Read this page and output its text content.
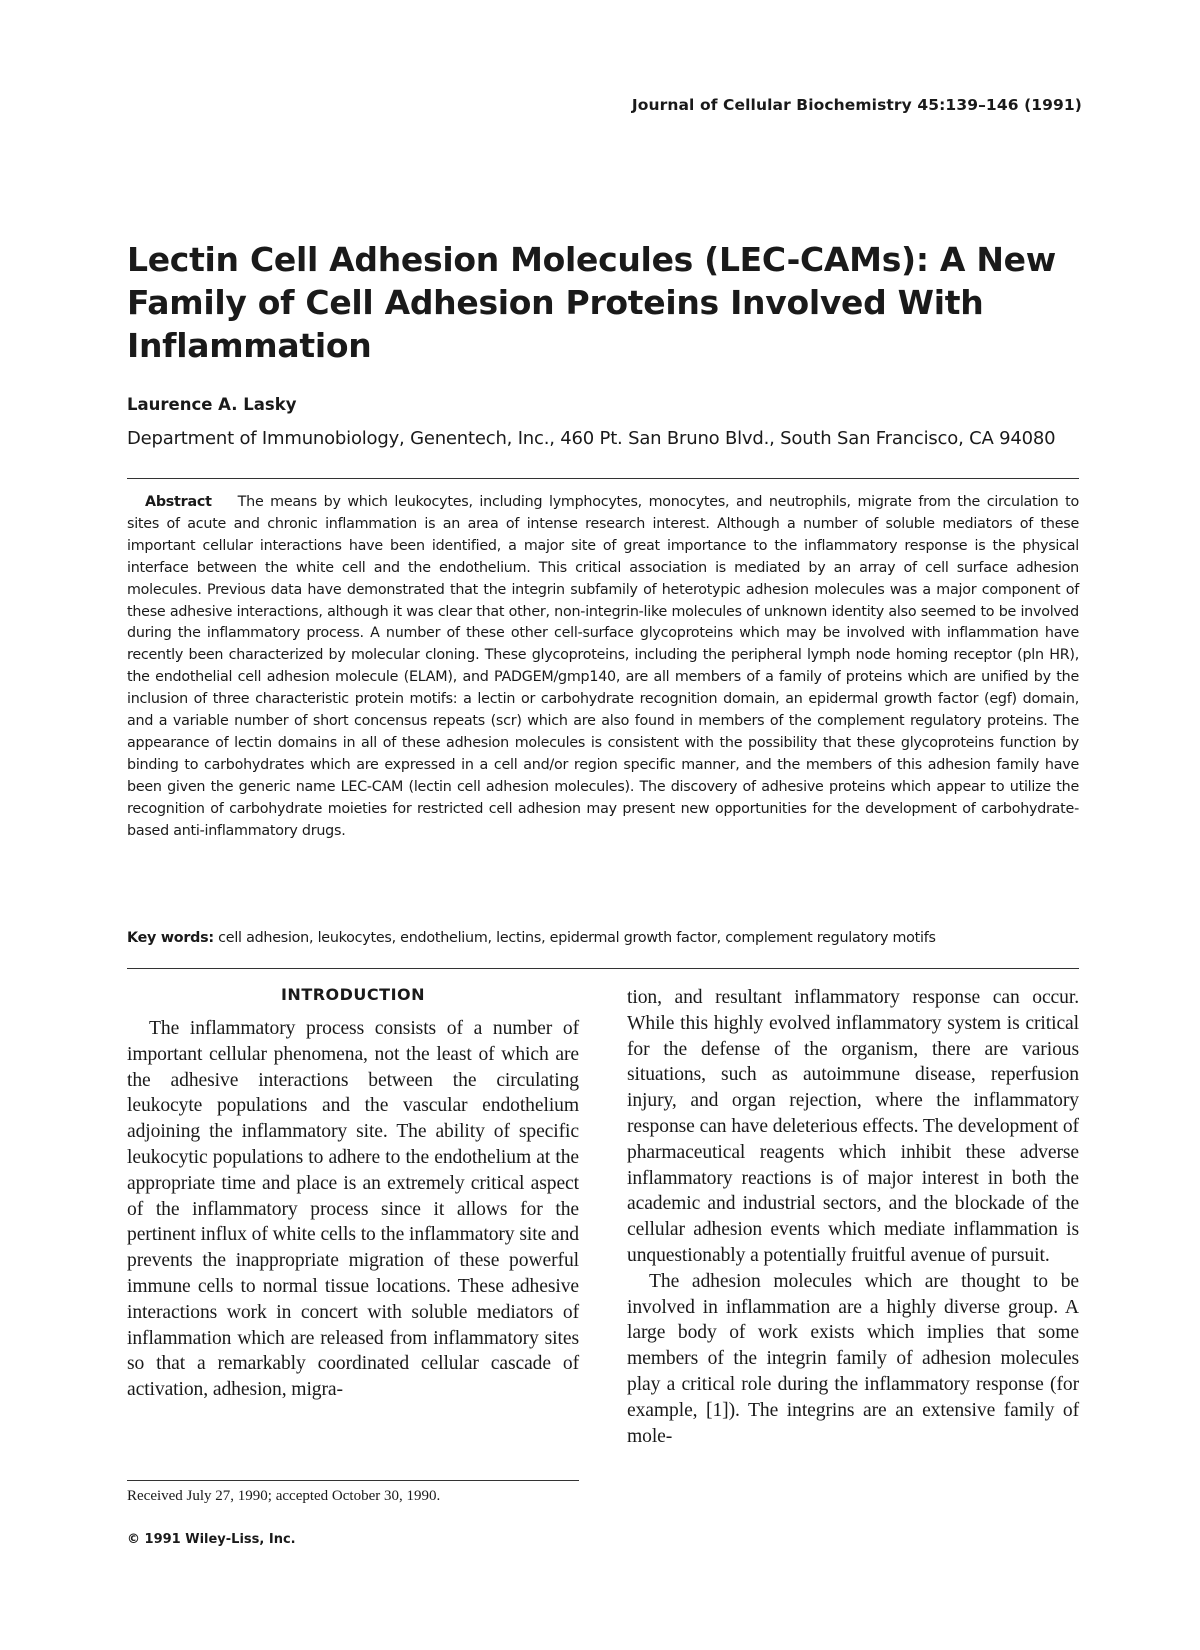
Journal of Cellular Biochemistry 45:139–146 (1991)
Lectin Cell Adhesion Molecules (LEC-CAMs): A New Family of Cell Adhesion Proteins Involved With Inflammation
Laurence A. Lasky
Department of Immunobiology, Genentech, Inc., 460 Pt. San Bruno Blvd., South San Francisco, CA 94080

Abstract The means by which leukocytes, including lymphocytes, monocytes, and neutrophils, migrate from the circulation to sites of acute and chronic inflammation is an area of intense research interest. Although a number of soluble mediators of these important cellular interactions have been identified, a major site of great importance to the inflammatory response is the physical interface between the white cell and the endothelium. This critical association is mediated by an array of cell surface adhesion molecules. Previous data have demonstrated that the integrin subfamily of heterotypic adhesion molecules was a major component of these adhesive interactions, although it was clear that other, non-integrin-like molecules of unknown identity also seemed to be involved during the inflammatory process. A number of these other cell-surface glycoproteins which may be involved with inflammation have recently been characterized by molecular cloning. These glycoproteins, including the peripheral lymph node homing receptor (pln HR), the endothelial cell adhesion molecule (ELAM), and PADGEM/gmp140, are all members of a family of proteins which are unified by the inclusion of three characteristic protein motifs: a lectin or carbohydrate recognition domain, an epidermal growth factor (egf) domain, and a variable number of short concensus repeats (scr) which are also found in members of the complement regulatory proteins. The appearance of lectin domains in all of these adhesion molecules is consistent with the possibility that these glycoproteins function by binding to carbohydrates which are expressed in a cell and/or region specific manner, and the members of this adhesion family have been given the generic name LEC-CAM (lectin cell adhesion molecules). The discovery of adhesive proteins which appear to utilize the recognition of carbohydrate moieties for restricted cell adhesion may present new opportunities for the development of carbohydrate-based anti-inflammatory drugs.

Key words: cell adhesion, leukocytes, endothelium, lectins, epidermal growth factor, complement regulatory motifs

INTRODUCTION

The inflammatory process consists of a number of important cellular phenomena, not the least of which are the adhesive interactions between the circulating leukocyte populations and the vascular endothelium adjoining the inflammatory site. The ability of specific leukocytic populations to adhere to the endothelium at the appropriate time and place is an extremely critical aspect of the inflammatory process since it allows for the pertinent influx of white cells to the inflammatory site and prevents the inappropriate migration of these powerful immune cells to normal tissue locations. These adhesive interactions work in concert with soluble mediators of inflammation which are released from inflammatory sites so that a remarkably coordinated cellular cascade of activation, adhesion, migra-

tion, and resultant inflammatory response can occur. While this highly evolved inflammatory system is critical for the defense of the organism, there are various situations, such as autoimmune disease, reperfusion injury, and organ rejection, where the inflammatory response can have deleterious effects. The development of pharmaceutical reagents which inhibit these adverse inflammatory reactions is of major interest in both the academic and industrial sectors, and the blockade of the cellular adhesion events which mediate inflammation is unquestionably a potentially fruitful avenue of pursuit.

The adhesion molecules which are thought to be involved in inflammation are a highly diverse group. A large body of work exists which implies that some members of the integrin family of adhesion molecules play a critical role during the inflammatory response (for example, [1]). The integrins are an extensive family of mole-

Received July 27, 1990; accepted October 30, 1990.
© 1991 Wiley-Liss, Inc.
